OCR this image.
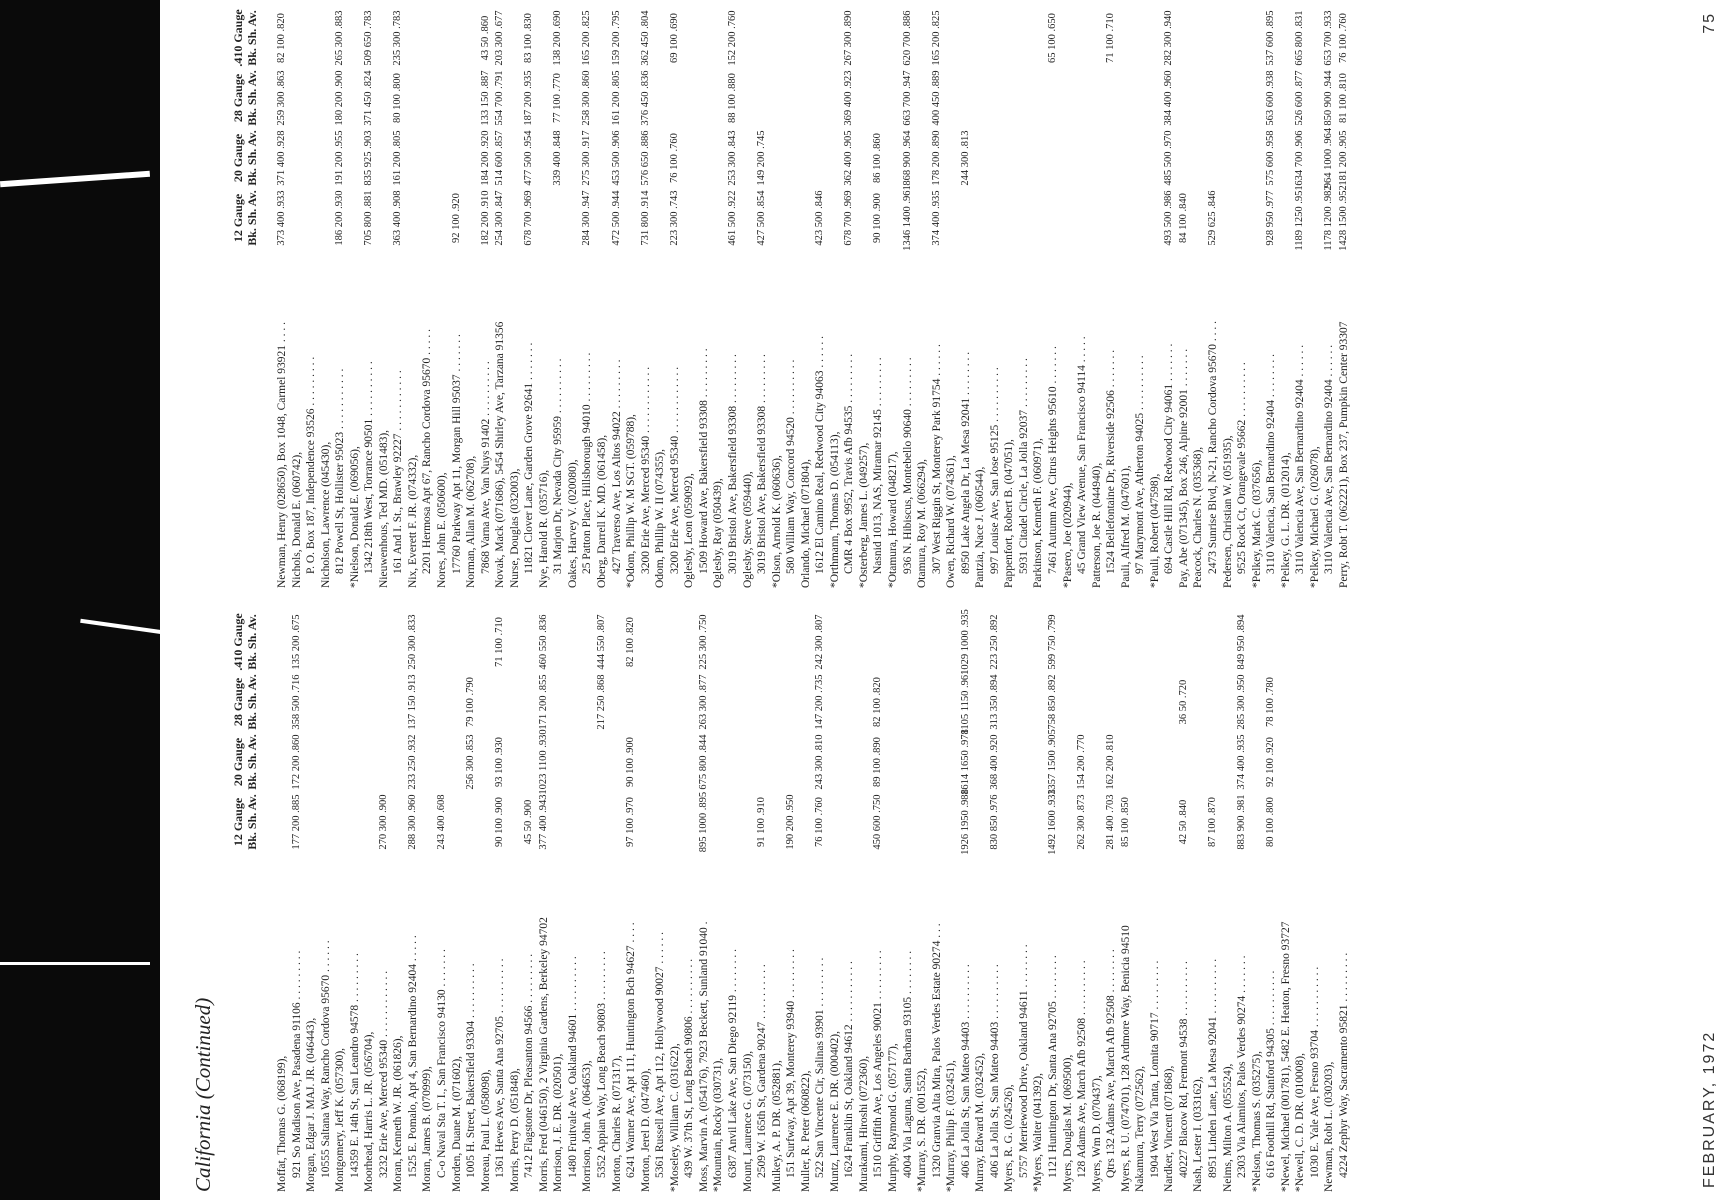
California (Continued)
12 Gauge Bk. Sh. Av.
20 Gauge Bk. Sh. Av.
28 Gauge Bk. Sh. Av.
.410 Gauge Bk. Sh. Av.
Moffat, Thomas G. (068199), 921 So Madison Ave, Pasadena 91106 . . . . . . . . .
177 200 .885
172 200 .860
358 500 .716
135 200 .675
Morgan, Edgar J. MAJ. JR. (046443), 10555 Saltana Way, Rancho Cordova 95670 . . . . . . Montgomery, Jeff K. (057300), 14359 E. 14th St, San Leandro 94578 . . . . . . . . . Moorhead, Harris L. JR. (056704), 3232 Erie Ave, Merced 95340 . . . . . . . . . . . .
270 300 .900
Moran, Kenneth W. JR. (061826), 1525 E. Pomalo, Apt 4, San Bernardino 92404 . . . . .
288 300 .960
233 250 .932
137 150 .913
250 300 .833
Moran, James B. (070999), C-o Naval Sta T. I., San Francisco 94130 . . . . . . .
243 400 .608
Morden, Duane M. (071602), 1005 H. Street, Bakersfield 93304 . . . . . . . . . .
256 300 .853
79 100 .790
Moreau, Paul L. (058098), 1361 Hewes Ave, Santa Ana 92705 . . . . . . . . . .
90 100 .900
93 100 .930
71 100 .710
Morris, Perry D. (051848), 7412 Flagstone Dr, Pleasanton 94566 . . . . . . . . .
45 50 .900
Morris, Fred (046150), 2 Virginia Gardens, Berkeley 94702
377 400 .943
1023 1100 .930
171 200 .855
460 550 .836
Morrison, J. E. DR. (020501), 1480 Fruitvale Ave, Oakland 94601 . . . . . . . . . . Morrison, John A. (064653), 5352 Appian Way, Long Beach 90803 . . . . . . . . .
217 250 .868
444 550 .807
Morton, Charles R. (071317), 6241 Warner Ave, Apt 111, Huntington Bch 94627 . . . .
97 100 .970
90 100 .900
82 100 .820
Morton, Jerel D. (047460), 5361 Russell Ave, Apt 112, Hollywood 90027 . . . . . . *Moseley, William C. (031622), 439 W. 37th St, Long Beach 90806 . . . . . . . . . . Moss, Marvin A. (054176), 7923 Beckett, Sunland 91040 .
895 1000 .895
675 800 .844
263 300 .877
225 300 .750
*Mountain, Rocky (030731), 6387 Anvil Lake Ave, San Diego 92119 . . . . . . . . Mount, Laurence G. (073150), 2509 W. 165th St, Gardena 90247 . . . . . . . . . .
91 100 .910
Mulkey, A. P. DR. (052881), 151 Surfway, Apt 39, Monterey 93940 . . . . . . . . .
190 200 .950
Muller, R. Peter (060822), 522 San Vincente Cir, Salinas 93901 . . . . . . . . .
76 100 .760
243 300 .810
147 200 .735
242 300 .807
Muntz, Laurence E. DR. (000402), 1624 Franklin St, Oakland 94612 . . . . . . . . . . . Murakami, Hiroshi (072360), 1510 Griffith Ave, Los Angeles 90021 . . . . . . . . .
450 600 .750
89 100 .890
82 100 .820
Murphy, Raymond G. (057177), 4004 Via Laguna, Santa Barbara 93105 . . . . . . . . *Murray, S. DR. (001552), 1320 Granvia Alta Mira, Palos Verdes Estate 90274 . . . *Murray, Philip F. (032451), 406 La Jolla St, San Mateo 94403 . . . . . . . . . .
1926 1950 .988
1614 1650 .978
1105 1150 .961
1029 1000 .935
Murray, Edward M. (032452), 406 La Jolla St, San Mateo 94403 . . . . . . . . . .
830 850 .976
368 400 .920
313 350 .894
223 250 .892
Myers, R. G. (024526), 5757 Merriewood Drive, Oakland 94611 . . . . . . . . *Myers, Walter (041392), 1121 Huntington Dr, Santa Ana 92705 . . . . . . . .
1492 1600 .933
1357 1500 .905
758 850 .892
599 750 .799
Myers, Douglas M. (069500), 128 Adams Ave, March Afb 92508 . . . . . . . . . .
262 300 .873
154 200 .770
Myers, Wm D. (070437), Qtrs 132 Adams Ave, March Afb 92508 . . . . . . . .
281 400 .703
162 200 .810
Myers, R. U. (074701), 128 Ardmore Way, Benicia 94510
85 100 .850
Nakamura, Terry (072562), 1904 West Via Tanta, Lomita 90717 . . . . . . . . . Nardker, Vincent (071868), 40227 Blacow Rd, Fremont 94538 . . . . . . . . . .
42 50 .840
36 50 .720
Nash, Lester I. (033162), 8951 Linden Lane, La Mesa 92041 . . . . . . . . . .
87 100 .870
Neims, Milton A. (055524), 2303 Via Alamitos, Palos Verdes 90274 . . . . . . .
883 900 .981
374 400 .935
285 300 .950
849 950 .894
*Nelson, Thomas S. (035275), 616 Foothill Rd, Stanford 94305 . . . . . . . . . .
80 100 .800
92 100 .920
78 100 .780
*Newel, Michael (001781), 5482 E. Heaton, Fresno 93727 *Newell, C. D. DR. (010008), 1030 E. Yale Ave, Fresno 93704 . . . . . . . . . . . Newman, Robt L. (030203), 4224 Zephyr Way, Sacramento 95821 . . . . . . . . .
12 Gauge Bk. Sh. Av.
20 Gauge Bk. Sh. Av.
28 Gauge Bk. Sh. Av.
.410 Gauge Bk. Sh. Av.
Newman, Henry (028650), Box 1048, Carmel 93921 . . . .
373 400 .933
371 400 .928
259 300 .863
82 100 .820
Nichols, Donald E. (060742), P. O. Box 187, Independence 93526 . . . . . . . . . Nicholson, Lawrence (045430), 812 Powell St, Hollister 95023 . . . . . . . . . . .
186 200 .930
191 200 .955
180 200 .900
265 300 .883
*Nielson, Donald E. (069056), 1342 218th West, Torrance 90501 . . . . . . . . . .
705 800 .881
835 925 .903
371 450 .824
509 650 .783
Nieuwenhous, Ted MD. (051483), 161 And I. St., Brawley 92227 . . . . . . . . . . .
363 400 .908
161 200 .805
80 100 .800
235 300 .783
Nix, Everett F. JR. (074332), 2201 Hermosa Apt 67, Rancho Cordova 95670 . . . . . Nores, John E. (050600), 17760 Parkway Apt 11, Morgan Hill 95037 . . . . . . .
92 100 .920
Norman, Allan M. (062708), 7868 Varna Ave, Van Nuys 91402 . . . . . . . . . .
182 200 .910
184 200 .920
133 150 .887
43 50 .860
Novak, Mack (071686), 5454 Shirley Ave, Tarzana 91356
254 300 .847
514 600 .857
554 700 .791
203 300 .677
Nurse, Douglas (032003), 11821 Clover Lane, Garden Grove 92641 . . . . . . .
678 700 .969
477 500 .954
187 200 .935
83 100 .830
Nye, Harold R. (035716), 31 Marjon Dr, Nevada City 95959 . . . . . . . . . .
339 400 .848
77 100 .770
138 200 .690
Oakes, Harvey V. (020080), 25 Patton Place, Hillsborough 94010 . . . . . . . . .
284 300 .947
275 300 .917
258 300 .860
165 200 .825
Oberg, Darrell K. MD. (061458), 427 Traverso Ave, Los Altos 94022 . . . . . . . . .
472 500 .944
453 500 .906
161 200 .805
159 200 .795
*Odom, Phillip W. M SGT. (059788), 3200 Erie Ave, Merced 95340 . . . . . . . . . . . .
731 800 .914
576 650 .886
376 450 .836
362 450 .804
Odom, Phillip W. II (074355), 3200 Erie Ave, Merced 95340 . . . . . . . . . . . .
223 300 .743
76 100 .760
69 100 .690
Oglesby, Leon (059092), 1509 Howard Ave, Bakersfield 93308 . . . . . . . . . Oglesby, Ray (050439), 3019 Bristol Ave, Bakersfield 93308 . . . . . . . . .
461 500 .922
253 300 .843
88 100 .880
152 200 .760
Oglesby, Steve (059440), 3019 Bristol Ave, Bakersfield 93308 . . . . . . . . .
427 500 .854
149 200 .745
*Olson, Arnold K. (060636), 580 William Way, Concord 94520 . . . . . . . . . . Orlando, Michael (071804), 1612 El Camino Real, Redwood City 94063 . . . . . .
423 500 .846
*Orthmann, Thomas D. (054113), CMR 4 Box 9952, Travis Afb 94535 . . . . . . . . .
678 700 .969
362 400 .905
369 400 .923
267 300 .890
*Osterberg, James L. (049257), Nasnid 1013, NAS, Miramar 92145 . . . . . . . . .
90 100 .900
86 100 .860
*Otamura, Howard (048217), 936 N. Hibiscus, Montebello 90640 . . . . . . . . .
1346 1400 .961
868 900 .964
663 700 .947
620 700 .886
Otamura, Roy M. (066294), 307 West Riggin St, Monterey Park 91754 . . . . . .
374 400 .935
178 200 .890
400 450 .889
165 200 .825
Owen, Richard W. (074361), 8950 Lake Angela Dr, La Mesa 92041 . . . . . . . .
244 300 .813
Pantzia, Nace J. (060544), 997 Louise Ave, San Jose 95125 . . . . . . . . . . Pappenfort, Robert B. (047051), 5931 Citadel Circle, La Jolla 92037 . . . . . . . . . Parkinson, Kenneth F. (060971), 7461 Autumn Ave, Citrus Heights 95610 . . . . . . .
65 100 .650
*Pasero, Joe (020944), 45 Grand View Avenue, San Francisco 94114 . . . . . Patterson, Joe R. (044940), 1524 Bellefontaine Dr, Riverside 92506 . . . . . . .
71 100 .710
Pauli, Alfred M. (047601), 97 Marymont Ave, Atherton 94025 . . . . . . . . . . *Pauli, Robert (047598), 694 Castle Hill Rd, Redwood City 94061 . . . . . . .
493 500 .986
485 500 .970
384 400 .960
282 300 .940
Pay, Abe (071345), Box 246, Alpine 92001 . . . . . . .
84 100 .840
Peacock, Charles N. (035368), 2473 Sunrise Blvd, N-21, Rancho Cordova 95670 . . . .
529 625 .846
Pedersen, Christian W. (051935), 9525 Rock Ct, Orangevale 95662 . . . . . . . . . . *Pelkey, Mark C. (037656), 3110 Valencia, San Bernardino 92404 . . . . . . . .
928 950 .977
575 600 .958
563 600 .938
537 600 .895
*Pelkey, G. L. DR. (012014), 3110 Valencia Ave, San Bernardino 92404 . . . . . .
1189 1250 .951
634 700 .906
526 600 .877
665 800 .831
*Pelkey, Michael G. (026078), 3110 Valencia Ave, San Bernardino 92404 . . . . . .
1178 1200 .982
964 1000 .964
850 900 .944
653 700 .933
Perry, Robt T. (062221), Box 237, Pumpkin Center 93307
1428 1500 .952
181 200 .905
81 100 .810
76 100 .760
FEBRUARY, 1972
75
